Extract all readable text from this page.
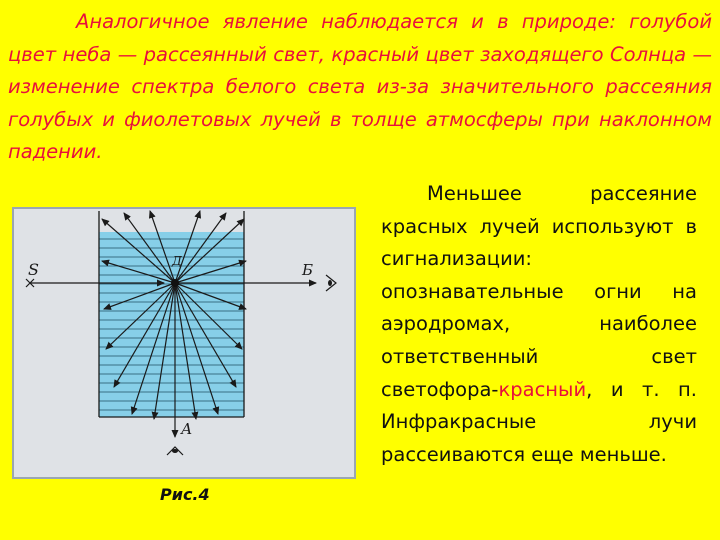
Аналогичное явление наблюдается и в природе: голубой цвет неба — рассеянный свет, красный цвет заходящего Солнца — изменение спектра белого света из-за значительного рассеяния голубых и фиолетовых лучей в толще атмосферы при наклонном падении.

S	Б
А
Д
Рис.4

Меньшее рассеяние красных лучей используют в сигнализации: опознавательные огни на аэродромах, наиболее ответственный свет светофора-красный, и т. п. Инфракрасные лучи рассеиваются еще меньше.
